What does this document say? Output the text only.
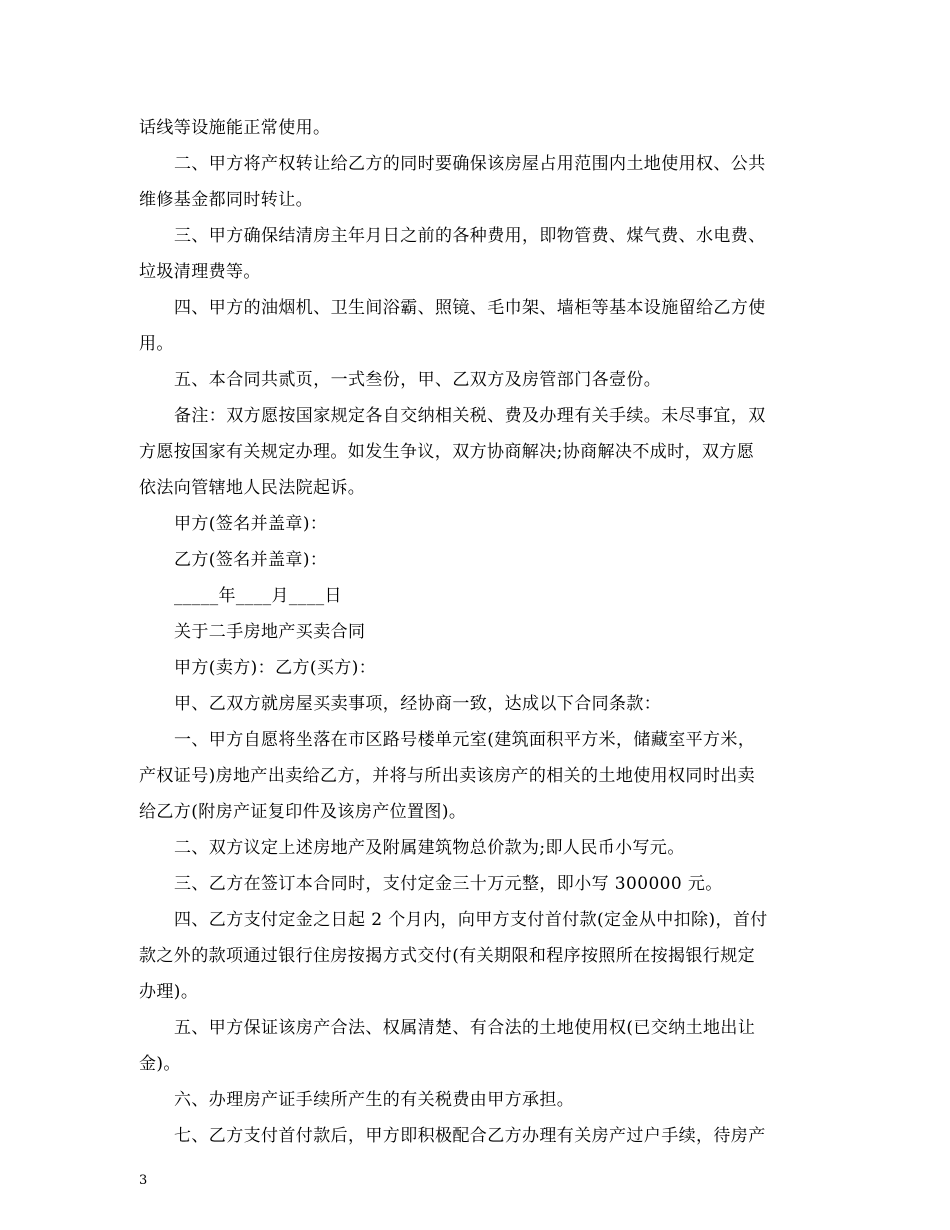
话线等设施能正常使用。
二、甲方将产权转让给乙方的同时要确保该房屋占用范围内土地使用权、公共
维修基金都同时转让。
三、甲方确保结清房主年月日之前的各种费用，即物管费、煤气费、水电费、
垃圾清理费等。
四、甲方的油烟机、卫生间浴霸、照镜、毛巾架、墙柜等基本设施留给乙方使
用。
五、本合同共贰页，一式叁份，甲、乙双方及房管部门各壹份。
备注：双方愿按国家规定各自交纳相关税、费及办理有关手续。未尽事宜，双
方愿按国家有关规定办理。如发生争议，双方协商解决;协商解决不成时，双方愿
依法向管辖地人民法院起诉。
甲方(签名并盖章)：
乙方(签名并盖章)：
_____年____月____日
关于二手房地产买卖合同
甲方(卖方)：乙方(买方)：
甲、乙双方就房屋买卖事项，经协商一致，达成以下合同条款：
一、甲方自愿将坐落在市区路号楼单元室(建筑面积平方米，储藏室平方米，
产权证号)房地产出卖给乙方，并将与所出卖该房产的相关的土地使用权同时出卖
给乙方(附房产证复印件及该房产位置图)。
二、双方议定上述房地产及附属建筑物总价款为;即人民币小写元。
三、乙方在签订本合同时，支付定金三十万元整，即小写 300000 元。
四、乙方支付定金之日起 2 个月内，向甲方支付首付款(定金从中扣除)，首付
款之外的款项通过银行住房按揭方式交付(有关期限和程序按照所在按揭银行规定
办理)。
五、甲方保证该房产合法、权属清楚、有合法的土地使用权(已交纳土地出让
金)。
六、办理房产证手续所产生的有关税费由甲方承担。
七、乙方支付首付款后，甲方即积极配合乙方办理有关房产过户手续，待房产
3
